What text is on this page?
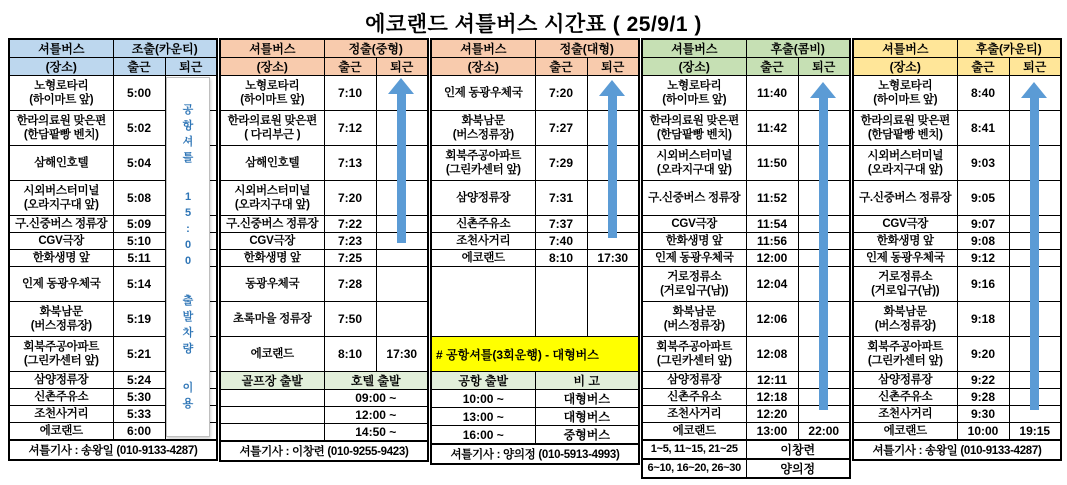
에코랜드 셔틀버스 시간표 ( 25/9/1 )
셔틀버스	조출(카운티)	
(장소)	출근	퇴근

노형로타리
(하이마트 앞)	5:00	

한라의료원 맞은편
(한담팥빵 벤치)	5:02	

삼해인호텔	5:04	

시외버스터미널
(오라지구대 앞)	5:08	

구.신중버스 정류장	5:09	

CGV극장	5:10	

한화생명 앞	5:11	

인제 동광우체국	5:14	

화북남문
(버스정류장)	5:19	

회북주공아파트
(그린카센터 앞)	5:21	

삼양정류장	5:24	

신촌주유소	5:30	

조천사거리	5:33	

에코랜드	6:00	
셔틀기사 : 송왕일 (010-9133-4287)		
공
항
셔
틀
1
5
:
0
0
출
발
차
량
이
용
셔틀버스	정출(중형)	
(장소)	출근	퇴근

노형로타리
(하이마트 앞)	7:10	

한라의료원 맞은편
( 다리부근 )	7:12	

삼해인호텔	7:13	

시외버스터미널
(오라지구대 앞)	7:20	

구.신중버스 정류장	7:22	

CGV극장	7:23	

한화생명 앞	7:25	

동광우체국	7:28	

초록마을 정류장	7:50	

에코랜드	8:10	17:30
골프장 출발	호텔 출발	
	09:00 ~	
	12:00 ~	
	14:50 ~	
셔틀기사 : 이창련 (010-9255-9423)		
셔틀버스	정출(대형)	
(장소)	출근	퇴근

인제 동광우체국	7:20	

화북남문
(버스정류장)	7:27	

회북주공아파트
(그린카센터 앞)	7:29	

삼양정류장	7:31	

신촌주유소	7:37	

조천사거리	7:40	

에코랜드	8:10	17:30

# 공항셔틀(3회운행) - 대형버스		
공항 출발	비 고	
10:00 ~	대형버스	
13:00 ~	대형버스	
16:00 ~	중형버스	
셔틀기사 : 양의정 (010-5913-4993)		
셔틀버스	후출(콤비)	
(장소)	출근	퇴근

노형로타리
(하이마트 앞)	11:40	

한라의료원 맞은편
(한담팥빵 벤치)	11:42	

시외버스터미널
(오라지구대 앞)	11:50	

구.신중버스 정류장	11:52	

CGV극장	11:54	

한화생명 앞	11:56	

인제 동광우체국	12:00	

거로정류소
(거로입구(남))	12:04	

화북남문
(버스정류장)	12:06	

회북주공아파트
(그린카센터 앞)	12:08	

삼양정류장	12:11	

신촌주유소	12:18	

조천사거리	12:20	

에코랜드	13:00	22:00
1~5, 11~15, 21~25	이창련	
6~10, 16~20, 26~30	양의정	
셔틀버스	후출(카운티)	
(장소)	출근	퇴근

노형로타리
(하이마트 앞)	8:40	

한라의료원 맞은편
(한담팥빵 벤치)	8:41	

시외버스터미널
(오라지구대 앞)	9:03	

구.신중버스 정류장	9:05	

CGV극장	9:07	

한화생명 앞	9:08	

인제 동광우체국	9:12	

거로정류소
(거로입구(남))	9:16	

화북남문
(버스정류장)	9:18	

회북주공아파트
(그린카센터 앞)	9:20	

삼양정류장	9:22	

신촌주유소	9:28	

조천사거리	9:30	

에코랜드	10:00	19:15
셔틀기사 : 송왕일 (010-9133-4287)		
